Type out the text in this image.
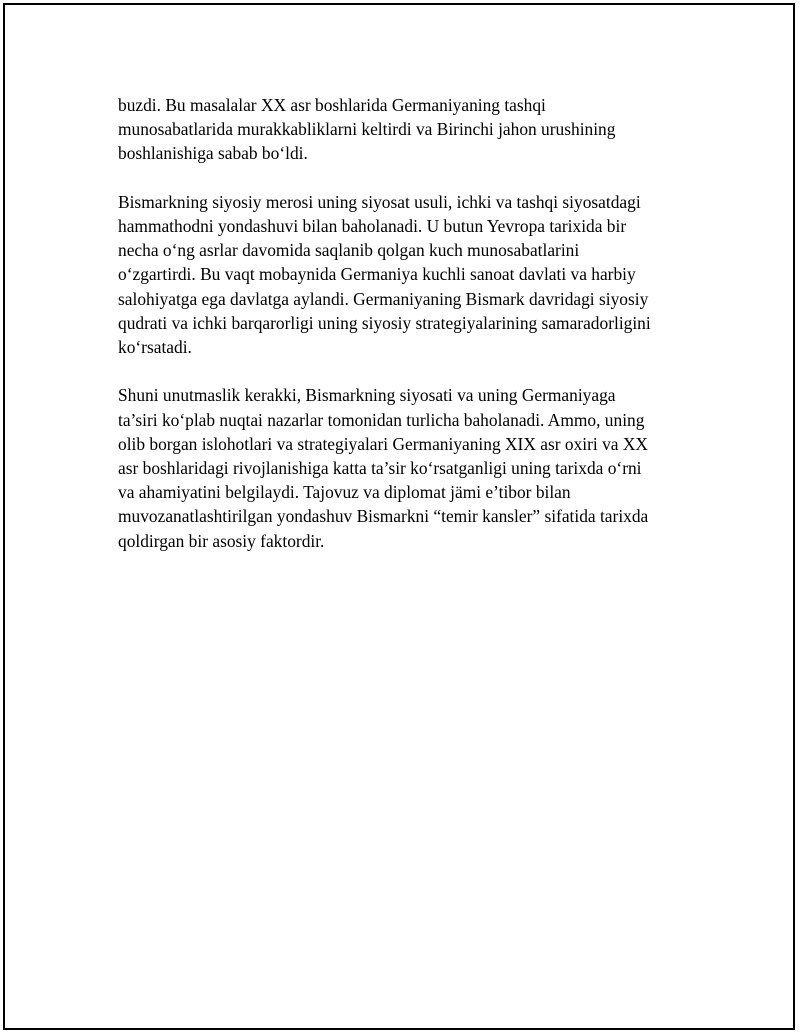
buzdi. Bu masalalar XX asr boshlarida Germaniyaning tashqi
munosabatlarida murakkabliklarni keltirdi va Birinchi jahon urushining
boshlanishiga sabab bo‘ldi.

Bismarkning siyosiy merosi uning siyosat usuli, ichki va tashqi siyosatdagi
hammathodni yondashuvi bilan baholanadi. U butun Yevropa tarixida bir
necha o‘ng asrlar davomida saqlanib qolgan kuch munosabatlarini
o‘zgartirdi. Bu vaqt mobaynida Germaniya kuchli sanoat davlati va harbiy
salohiyatga ega davlatga aylandi. Germaniyaning Bismark davridagi siyosiy
qudrati va ichki barqarorligi uning siyosiy strategiyalarining samaradorligini
ko‘rsatadi.

Shuni unutmaslik kerakki, Bismarkning siyosati va uning Germaniyaga
ta’siri ko‘plab nuqtai nazarlar tomonidan turlicha baholanadi. Ammo, uning
olib borgan islohotlari va strategiyalari Germaniyaning XIX asr oxiri va XX
asr boshlaridagi rivojlanishiga katta ta’sir ko‘rsatganligi uning tarixda o‘rni
va ahamiyatini belgilaydi. Tajovuz va diplomat jämi e’tibor bilan
muvozanatlashtirilgan yondashuv Bismarkni “temir kansler” sifatida tarixda
qoldirgan bir asosiy faktordir.
